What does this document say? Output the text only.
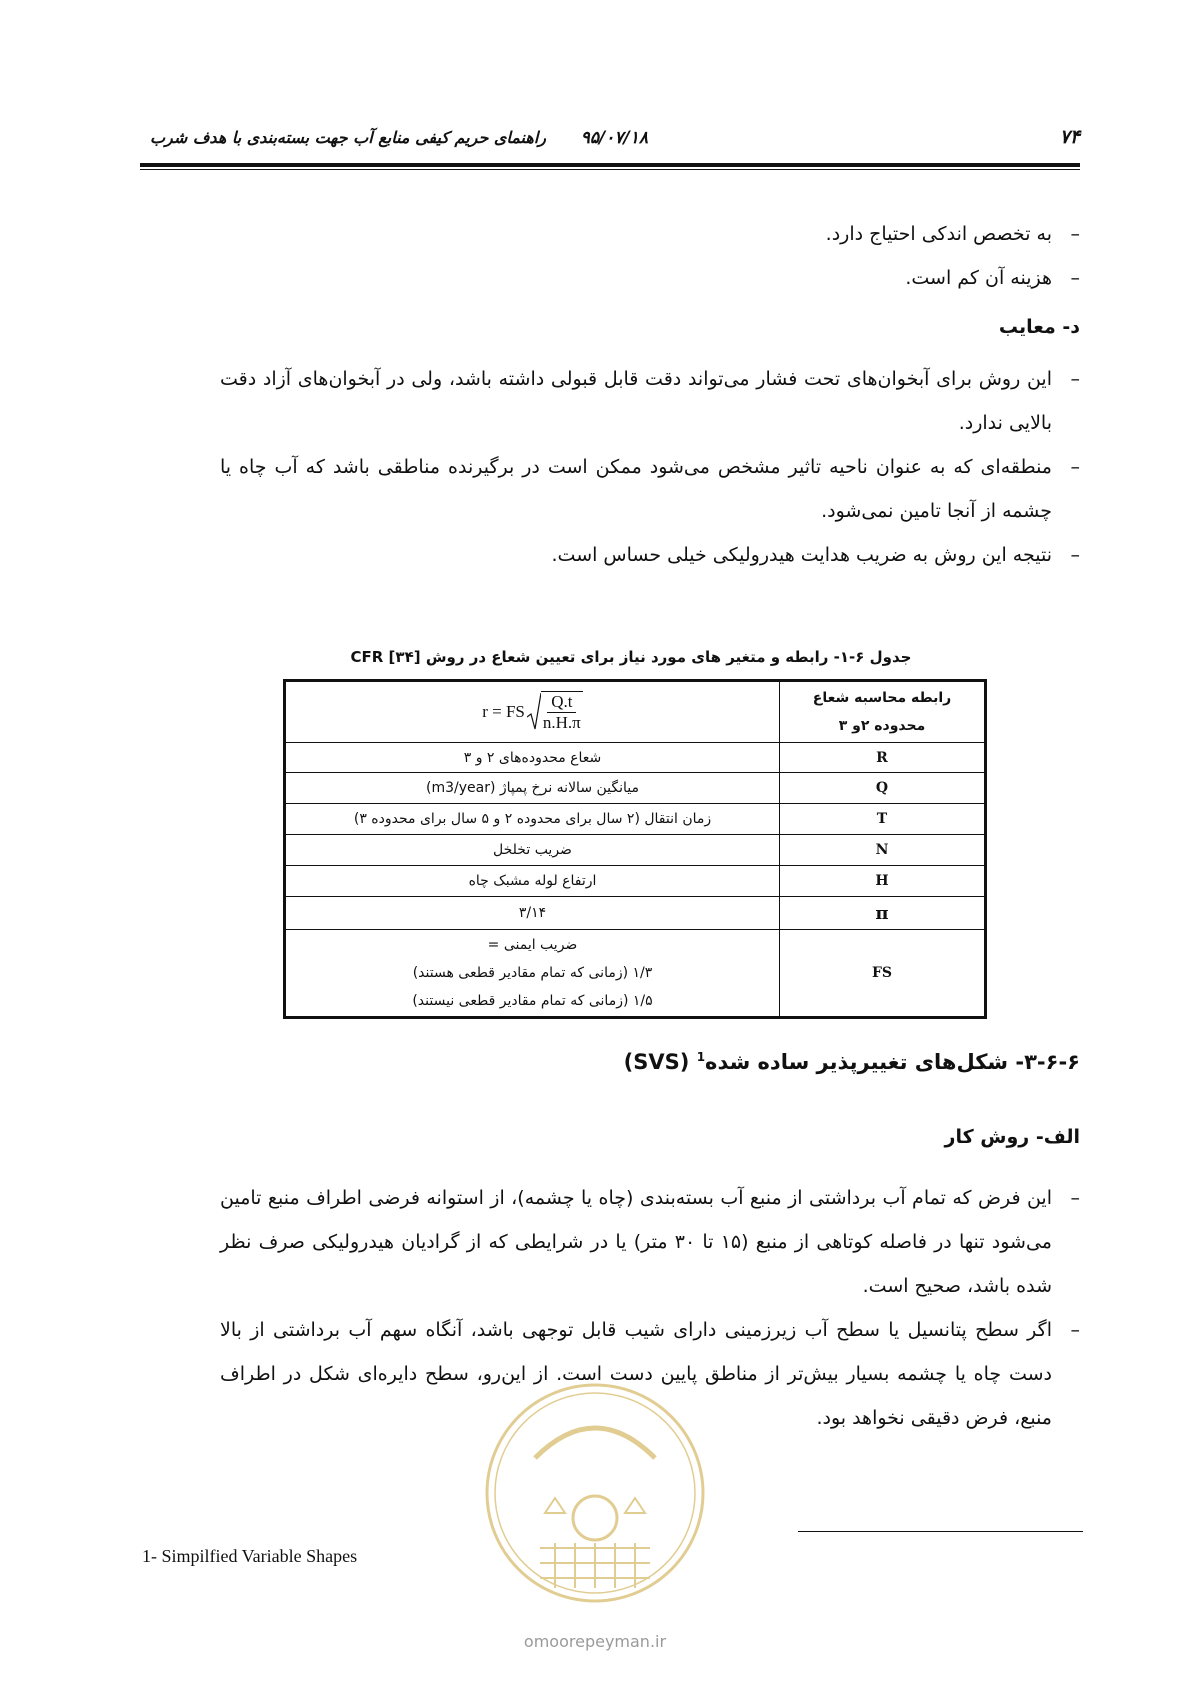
۷۴
۹۵/۰۷/۱۸
راهنمای حریم کیفی منابع آب جهت بسته‌بندی با هدف شرب
–
به تخصص اندکی احتیاج دارد.
–
هزینه آن کم است.
د- معایب
–
این روش برای آبخوان‌های تحت فشار می‌تواند دقت قابل قبولی داشته باشد، ولی در آبخوان‌های آزاد دقت بالایی ندارد.
–
منطقه‌ای که به عنوان ناحیه تاثیر مشخص می‌شود ممکن است در برگیرنده مناطقی باشد که آب چاه یا چشمه از آنجا تامین نمی‌شود.
–
نتیجه این روش به ضریب هدایت هیدرولیکی خیلی حساس است.
جدول ۶-۱- رابطه و متغیر های مورد نیاز برای تعیین شعاع در روش CFR [۳۴]
رابطه محاسبه شعاع محدوده ۲و ۳	r = FS $\frac{Q.t}{n.H.\pi}$

R	شعاع محدوده‌های ۲ و ۳
Q	میانگین سالانه نرخ پمپاژ (m3/year)
T	زمان انتقال (۲ سال برای محدوده ۲ و ۵ سال برای محدوده ۳)
N	ضریب تخلخل
H	ارتفاع لوله مشبک چاه
π	۳/۱۴
FS	ضریب ایمنی =
۱/۳ (زمانی که تمام مقادیر قطعی هستند)
۱/۵ (زمانی که تمام مقادیر قطعی نیستند)
۳-۶-۶- شکل‌های تغییرپذیر ساده شده$^1$ (SVS)
الف- روش کار
–
این فرض که تمام آب برداشتی از منبع آب بسته‌بندی (چاه یا چشمه)، از استوانه فرضی اطراف منبع تامین می‌شود تنها در فاصله کوتاهی از منبع (۱۵ تا ۳۰ متر) یا در شرایطی که از گرادیان هیدرولیکی صرف نظر شده باشد، صحیح است.
–
اگر سطح پتانسیل یا سطح آب زیرزمینی دارای شیب قابل توجهی باشد، آنگاه سهم آب برداشتی از بالا دست چاه یا چشمه بسیار بیش‌تر از مناطق پایین دست است. از این‌رو، سطح دایره‌ای شکل در اطراف منبع، فرض دقیقی نخواهد بود.
1- Simpilfied Variable Shapes
omoorepeyman.ir
